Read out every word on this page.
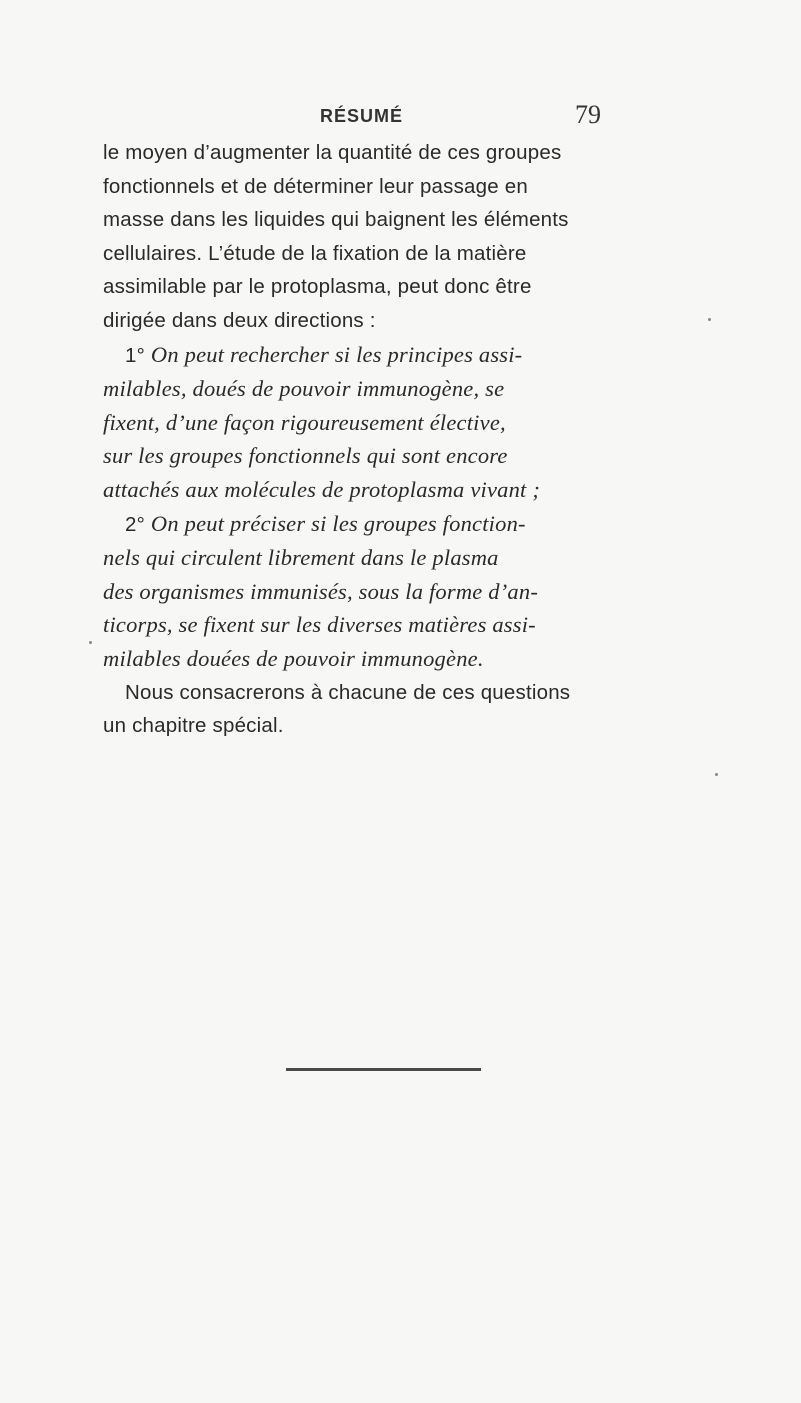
RÉSUMÉ	79
le moyen d’augmenter la quantité de ces groupes
fonctionnels et de déterminer leur passage en
masse dans les liquides qui baignent les éléments
cellulaires. L’étude de la fixation de la matière
assimilable par le protoplasma, peut donc être
dirigée dans deux directions :
1° On peut rechercher si les principes assi-
milables, doués de pouvoir immunogène, se
fixent, d’une façon rigoureusement élective,
sur les groupes fonctionnels qui sont encore
attachés aux molécules de protoplasma vivant ;
2° On peut préciser si les groupes fonction-
nels qui circulent librement dans le plasma
des organismes immunisés, sous la forme d’an-
ticorps, se fixent sur les diverses matières assi-
milables douées de pouvoir immunogène.
Nous consacrerons à chacune de ces questions
un chapitre spécial.
